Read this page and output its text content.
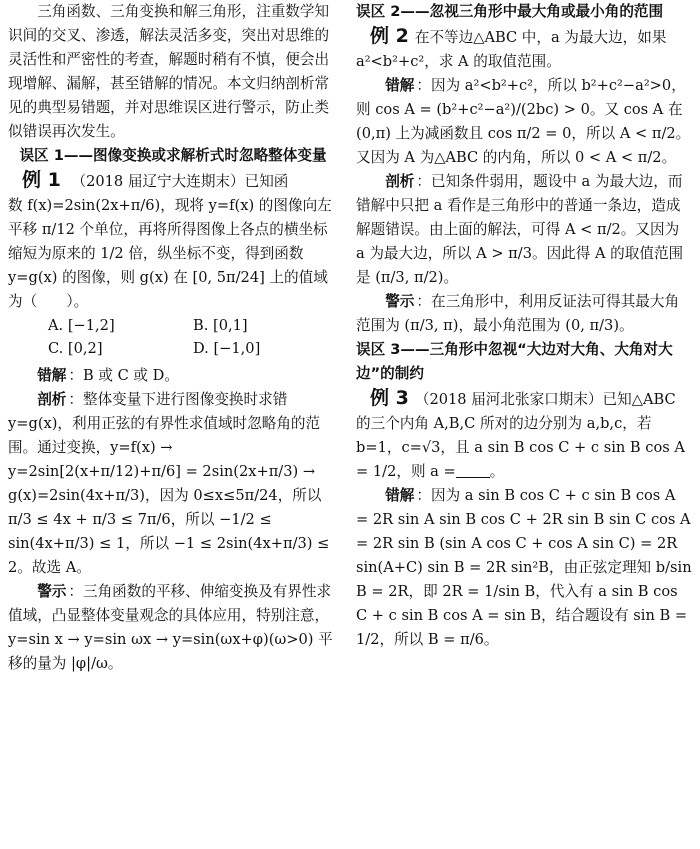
三角函数、三角变换和解三角形，注重数学知识间的交叉、渗透，解法灵活多变，突出对思维的灵活性和严密性的考查，解题时稍有不慎，便会出现增解、漏解，甚至错解的情况。本文归纳剖析常见的典型易错题，并对思维误区进行警示，防止类似错误再次发生。

误区 1——图像变换或求解析式时忽略整体变量

例 1 （2018 届辽宁大连期末）已知函

数 f(x)=2sin(2x+π/6)，现将 y=f(x) 的图像向左平移 π/12 个单位，再将所得图像上各点的横坐标缩短为原来的 1/2 倍，纵坐标不变，得到函数 y=g(x) 的图像，则 g(x) 在 [0, 5π/24] 上的值域为（　　）。

A. [−1,2]	B. [0,1]
C. [0,2]	D. [−1,0]

错解 ：B 或 C 或 D。

剖析 ：整体变量下进行图像变换时求错 y=g(x)，利用正弦的有界性求值域时忽略角的范围。通过变换，y=f(x) → y=2sin[2(x+π/12)+π/6] = 2sin(2x+π/3) → g(x)=2sin(4x+π/3)，因为 0≤x≤5π/24，所以 π/3 ≤ 4x + π/3 ≤ 7π/6，所以 −1/2 ≤ sin(4x+π/3) ≤ 1，所以 −1 ≤ 2sin(4x+π/3) ≤ 2。故选 A。

警示 ：三角函数的平移、伸缩变换及有界性求值域，凸显整体变量观念的具体应用，特别注意，y=sin x → y=sin ωx → y=sin(ωx+φ)(ω>0) 平移的量为 |φ|/ω。

误区 2——忽视三角形中最大角或最小角的范围

例 2 在不等边△ABC 中，a 为最大边，如果 a²<b²+c²，求 A 的取值范围。

错解 ：因为 a²<b²+c²，所以 b²+c²−a²>0，则 cos A = (b²+c²−a²)/(2bc) > 0。又 cos A 在 (0,π) 上为减函数且 cos π/2 = 0，所以 A < π/2。又因为 A 为△ABC 的内角，所以 0 < A < π/2。

剖析 ：已知条件弱用，题设中 a 为最大边，而错解中只把 a 看作是三角形中的普通一条边，造成解题错误。由上面的解法，可得 A < π/2。又因为 a 为最大边，所以 A > π/3。因此得 A 的取值范围是 (π/3, π/2)。

警示 ：在三角形中，利用反证法可得其最大角范围为 (π/3, π)，最小角范围为 (0, π/3)。

误区 3——三角形中忽视“大边对大角、大角对大边”的制约

例 3 （2018 届河北张家口期末）已知△ABC 的三个内角 A,B,C 所对的边分别为 a,b,c，若 b=1，c=√3，且 a sin B cos C + c sin B cos A = 1/2，则 a = 。

错解 ：因为 a sin B cos C + c sin B cos A = 2R sin A sin B cos C + 2R sin B sin C cos A = 2R sin B (sin A cos C + cos A sin C) = 2R sin(A+C) sin B = 2R sin²B，由正弦定理知 b/sin B = 2R，即 2R = 1/sin B，代入有 a sin B cos C + c sin B cos A = sin B，结合题设有 sin B = 1/2，所以 B = π/6。
